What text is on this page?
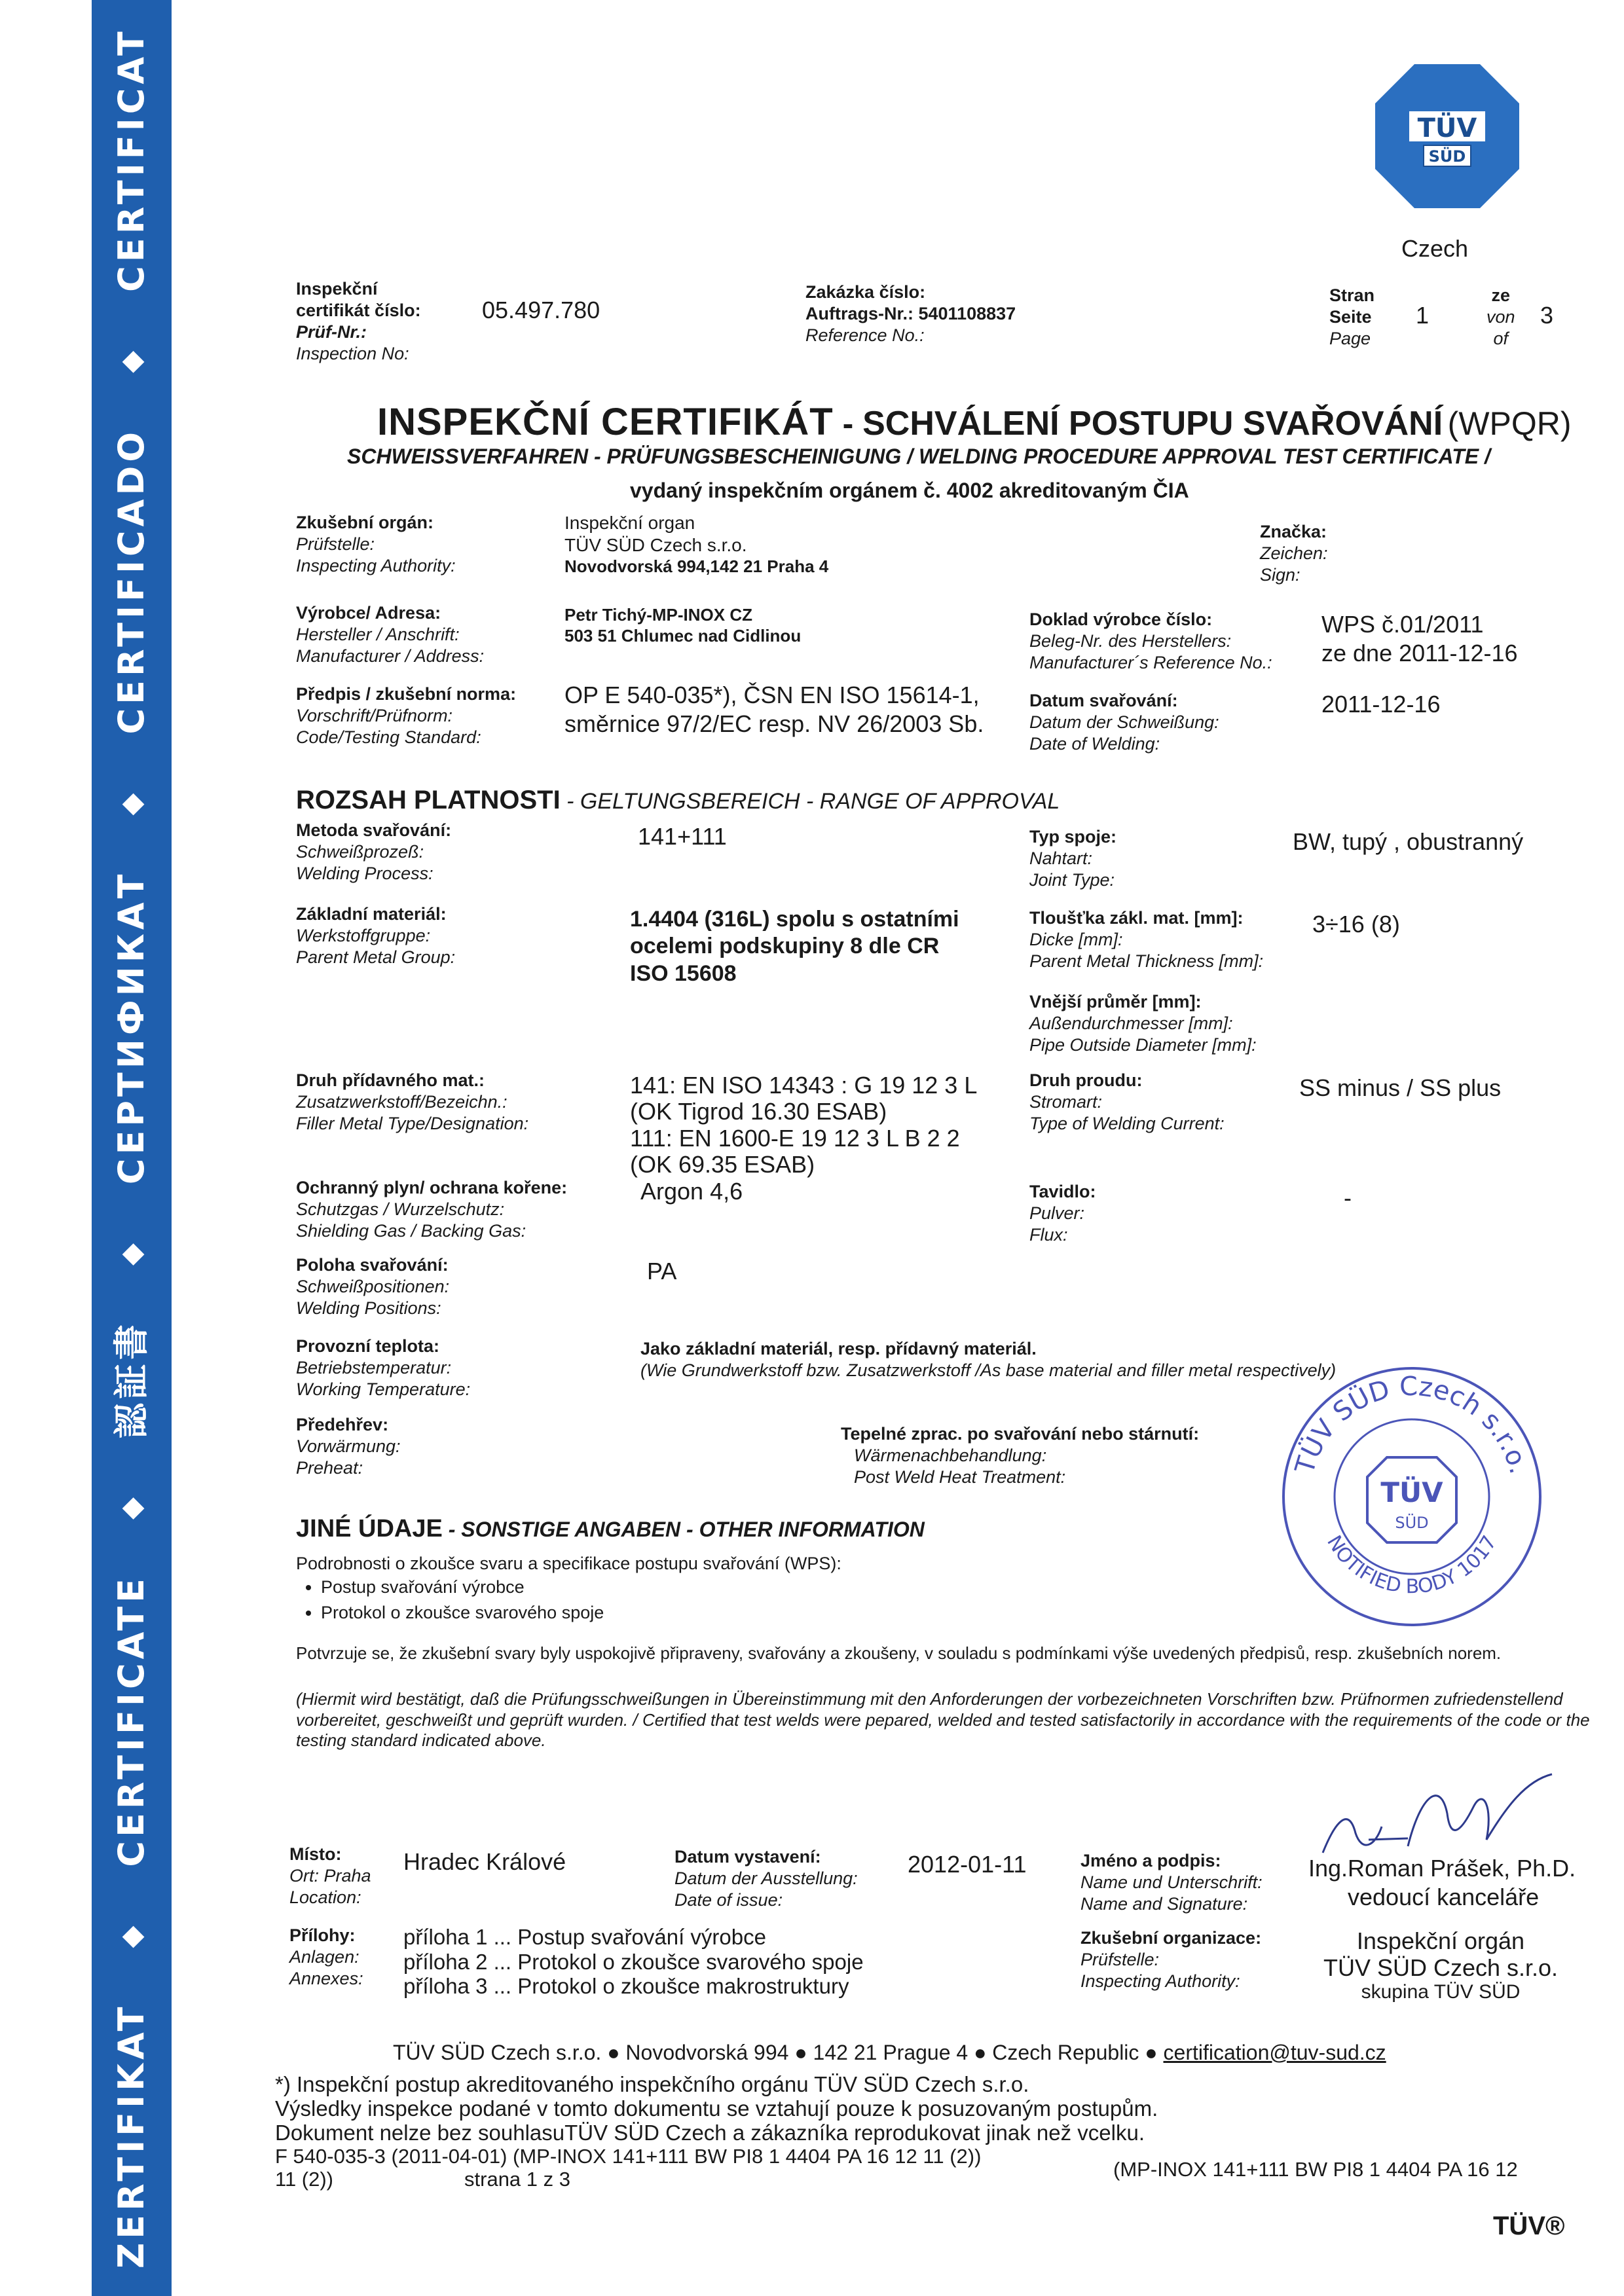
ZERTIFIKAT
◆
CERTIFICATE
◆
認証書
◆
CEPTИФИКАТ
◆
CERTIFICADO
◆
CERTIFICAT	TÜV
SÜD
Czech
Inspekční certifikát číslo:
Prüf-Nr.:
Inspection No:
05.497.780
Zakázka číslo:
Auftrags-Nr.: 5401108837
Reference No.:
Stran
Seite
Page
1
ze
von
of
3
INSPEKČNÍ CERTIFIKÁT - SCHVÁLENÍ POSTUPU SVAŘOVÁNÍ (WPQR)
SCHWEISSVERFAHREN - PRÜFUNGSBESCHEINIGUNG / WELDING PROCEDURE APPROVAL TEST CERTIFICATE /
vydaný inspekčním orgánem č. 4002 akreditovaným ČIA
Zkušební orgán:
Prüfstelle:
Inspecting Authority:
Inspekční organ
TÜV SÜD Czech s.r.o.
Novodvorská 994,142 21 Praha 4
Značka:
Zeichen:
Sign:
Výrobce/ Adresa:
Hersteller / Anschrift:
Manufacturer / Address:
Petr Tichý-MP-INOX CZ
503 51 Chlumec nad Cidlinou
Doklad výrobce číslo:
Beleg-Nr. des Herstellers:
Manufacturer´s Reference No.:
WPS č.01/2011
ze dne 2011-12-16
Předpis / zkušební norma:
Vorschrift/Prüfnorm:
Code/Testing Standard:
OP E 540-035*), ČSN EN ISO 15614-1,
směrnice 97/2/EC resp. NV 26/2003 Sb.
Datum svařování:
Datum der Schweißung:
Date of Welding:
2011-12-16
ROZSAH PLATNOSTI - GELTUNGSBEREICH - RANGE OF APPROVAL
Metoda svařování:
Schweißprozeß:
Welding Process:
141+111	Typ spoje:
Nahtart:
Joint Type:
BW, tupý , obustranný
Základní materiál:
Werkstoffgruppe:
Parent Metal Group:
1.4404 (316L) spolu s ostatními
ocelemi podskupiny 8 dle CR
ISO 15608
Tloušťka zákl. mat. [mm]:
Dicke [mm]:
Parent Metal Thickness [mm]:
3÷16 (8)
Vnější průměr [mm]:
Außendurchmesser [mm]:
Pipe Outside Diameter [mm]:
Druh přídavného mat.:
Zusatzwerkstoff/Bezeichn.:
Filler Metal Type/Designation:
141: EN ISO 14343 : G 19 12 3 L
(OK Tigrod 16.30 ESAB)
111: EN 1600-E 19 12 3 L B 2 2
(OK 69.35 ESAB)
Druh proudu:
Stromart:
Type of Welding Current:
SS minus / SS plus
Ochranný plyn/ ochrana kořene:
Schutzgas / Wurzelschutz:
Shielding Gas / Backing Gas:
Argon 4,6	Tavidlo:
Pulver:
Flux:
-
Poloha svařování:
Schweißpositionen:
Welding Positions:
PA
Provozní teplota:
Betriebstemperatur:
Working Temperature:
Jako základní materiál, resp. přídavný materiál.
(Wie Grundwerkstoff bzw. Zusatzwerkstoff /As base material and filler metal respectively)
Předehřev:
Vorwärmung:
Preheat:
Tepelné zprac. po svařování nebo stárnutí:
Wärmenachbehandlung:
Post Weld Heat Treatment:	TÜV SÜD Czech s.r.o.
NOTIFIED BODY 1017
TÜV
SÜD
JINÉ ÚDAJE - SONSTIGE ANGABEN - OTHER INFORMATION
Podrobnosti o zkoušce svaru a specifikace postupu svařování (WPS):
• Postup svařování výrobce
• Protokol o zkoušce svarového spoje
Potvrzuje se, že zkušební svary byly uspokojivě připraveny, svařovány a zkoušeny, v souladu s podmínkami výše uvedených předpisů, resp. zkušebních norem.
(Hiermit wird bestätigt, daß die Prüfungsschweißungen in Übereinstimmung mit den Anforderungen der vorbezeichneten Vorschriften bzw. Prüfnormen zufriedenstellend vorbereitet, geschweißt und geprüft wurden. / Certified that test welds were pepared, welded and tested satisfactorily in accordance with the requirements of the code or the testing standard indicated above.
Místo:
Ort: Praha
Location:
Hradec Králové	Datum vystavení:
Datum der Ausstellung:
Date of issue:
2012-01-11	Jméno a podpis:
Name und Unterschrift:
Name and Signature:
Ing.Roman Prášek, Ph.D.
vedoucí kanceláře
Přílohy:
Anlagen:
Annexes:
příloha 1 ... Postup svařování výrobce
příloha 2 ... Protokol o zkoušce svarového spoje
příloha 3 ... Protokol o zkoušce makrostruktury
Zkušební organizace:
Prüfstelle:
Inspecting Authority:
Inspekční orgán
TÜV SÜD Czech s.r.o.
skupina TÜV SÜD
TÜV SÜD Czech s.r.o. ● Novodvorská 994 ● 142 21 Prague 4 ● Czech Republic ● certification@tuv-sud.cz
*) Inspekční postup akreditovaného inspekčního orgánu TÜV SÜD Czech s.r.o.
Výsledky inspekce podané v tomto dokumentu se vztahují pouze k posuzovaným postupům.
Dokument nelze bez souhlasuTÜV SÜD Czech a zákazníka reprodukovat jinak než vcelku.
F 540-035-3 (2011-04-01) (MP-INOX 141+111 BW PI8 1 4404 PA 16 12 11 (2))
11 (2))	strana 1 z 3	(MP-INOX 141+111 BW PI8 1 4404 PA 16 12
TÜV®
